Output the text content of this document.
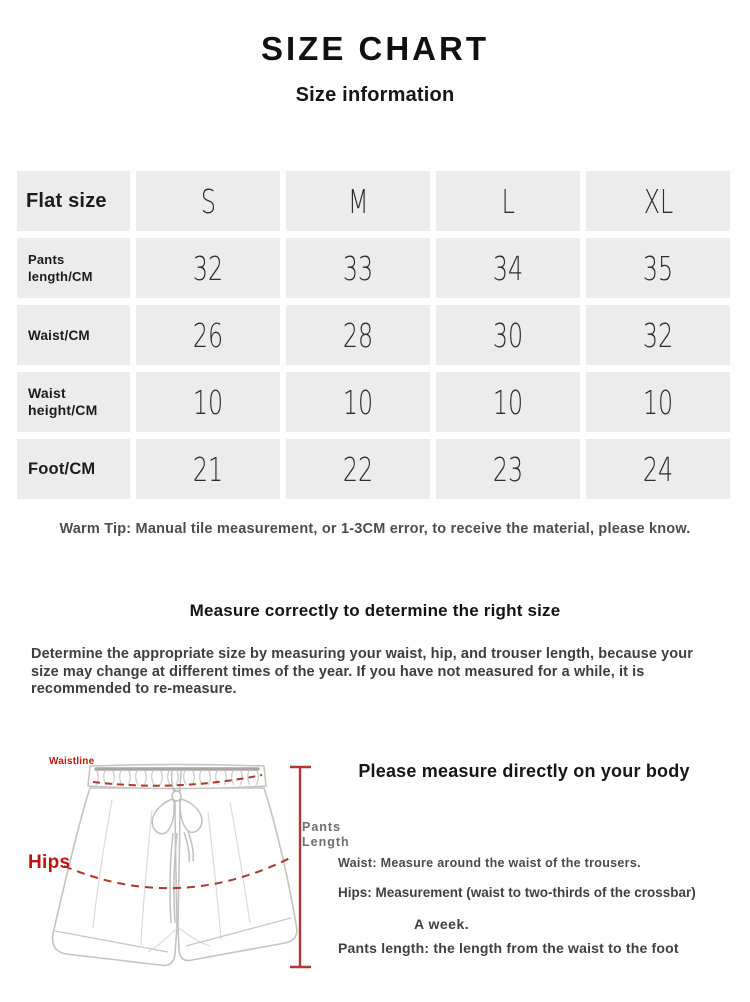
SIZE CHART
Size information
Flat size	S	M	L	XL
Pants length/CM	32	33	34	35
Waist/CM	26	28	30	32
Waist height/CM	10	10	10	10
Foot/CM	21	22	23	24
Warm Tip: Manual tile measurement, or 1-3CM error, to receive the material, please know.
Measure correctly to determine the right size
Determine the appropriate size by measuring your waist, hip, and trouser length, because your size may change at different times of the year. If you have not measured for a while, it is recommended to re-measure.
Waistline
Hips
Pants Length
Please measure directly on your body
Waist: Measure around the waist of the trousers.
Hips: Measurement (waist to two-thirds of the crossbar)
A week.
Pants length: the length from the waist to the foot
